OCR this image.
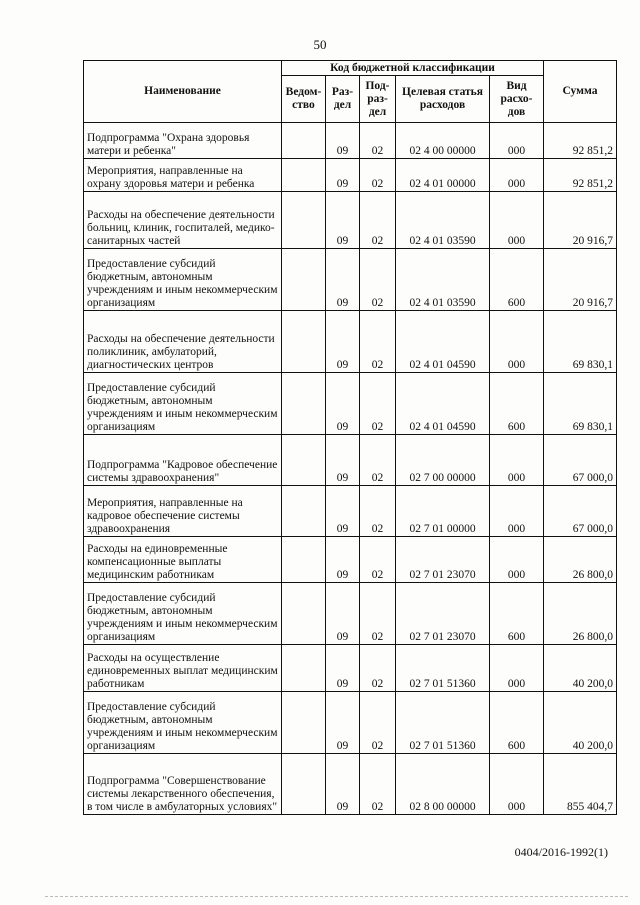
50
Наименование	Код бюджетной классификации					Сумма
	Ведом-ство	Раз-дел	Под-раз-дел	Целевая статья расходов	Вид расхо-дов	
Подпрограмма "Охрана здоровья матери и ребенка"		09	02	02 4 00 00000	000	92 851,2
Мероприятия, направленные на охрану здоровья матери и ребенка		09	02	02 4 01 00000	000	92 851,2
Расходы на обеспечение деятельности больниц, клиник, госпиталей, медико-санитарных частей		09	02	02 4 01 03590	000	20 916,7
Предоставление субсидий бюджетным, автономным учреждениям и иным некоммерческим организациям		09	02	02 4 01 03590	600	20 916,7
Расходы на обеспечение деятельности поликлиник, амбулаторий, диагностических центров		09	02	02 4 01 04590	000	69 830,1
Предоставление субсидий бюджетным, автономным учреждениям и иным некоммерческим организациям		09	02	02 4 01 04590	600	69 830,1
Подпрограмма "Кадровое обеспечение системы здравоохранения"		09	02	02 7 00 00000	000	67 000,0
Мероприятия, направленные на кадровое обеспечение системы здравоохранения		09	02	02 7 01 00000	000	67 000,0
Расходы на единовременные компенсационные выплаты медицинским работникам		09	02	02 7 01 23070	000	26 800,0
Предоставление субсидий бюджетным, автономным учреждениям и иным некоммерческим организациям		09	02	02 7 01 23070	600	26 800,0
Расходы на осуществление единовременных выплат медицинским работникам		09	02	02 7 01 51360	000	40 200,0
Предоставление субсидий бюджетным, автономным учреждениям и иным некоммерческим организациям		09	02	02 7 01 51360	600	40 200,0
Подпрограмма "Совершенствование системы лекарственного обеспечения, в том числе в амбулаторных условиях"		09	02	02 8 00 00000	000	855 404,7
0404/2016-1992(1)
